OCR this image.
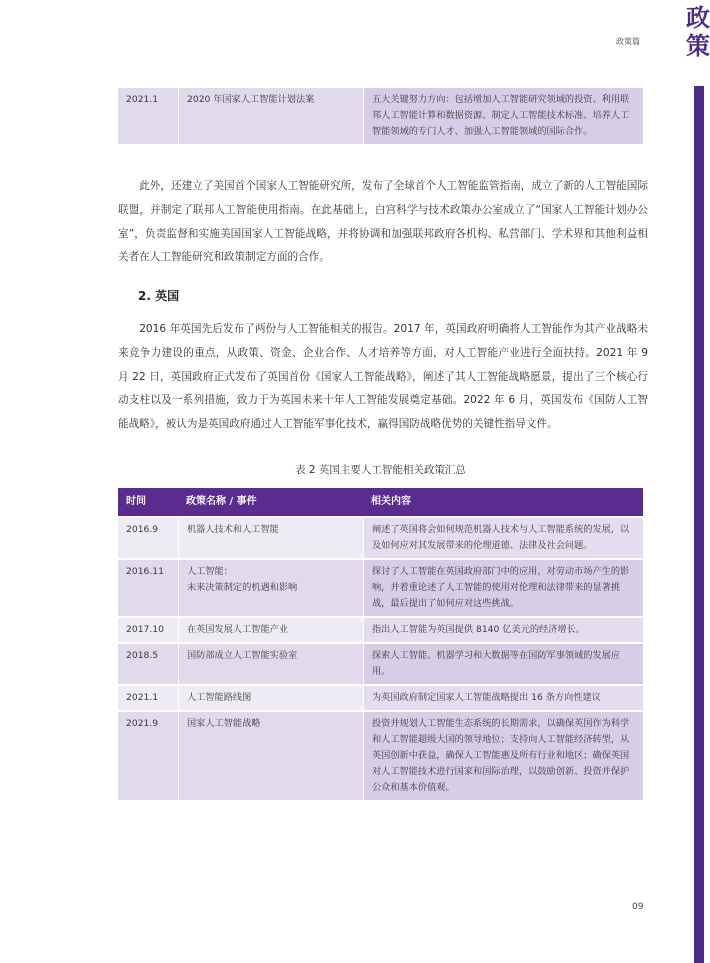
政策篇
政策
2021.1	2020 年国家人工智能计划法案	五大关键努力方向：包括增加人工智能研究领域的投资、利用联邦人工智能计算和数据资源、制定人工智能技术标准、培养人工智能领域的专门人才、加强人工智能领域的国际合作。

此外，还建立了美国首个国家人工智能研究所，发布了全球首个人工智能监管指南，成立了新的人工智能国际联盟，并制定了联邦人工智能使用指南。在此基础上，白宫科学与技术政策办公室成立了“国家人工智能计划办公室”，负责监督和实施美国国家人工智能战略，并将协调和加强联邦政府各机构、私营部门、学术界和其他利益相关者在人工智能研究和政策制定方面的合作。

2. 英国

2016 年英国先后发布了两份与人工智能相关的报告。2017 年，英国政府明确将人工智能作为其产业战略未来竞争力建设的重点，从政策、资金、企业合作、人才培养等方面，对人工智能产业进行全面扶持。2021 年 9 月 22 日，英国政府正式发布了英国首份《国家人工智能战略》，阐述了其人工智能战略愿景，提出了三个核心行动支柱以及一系列措施，致力于为英国未来十年人工智能发展奠定基础。2022 年 6 月，英国发布《国防人工智能战略》，被认为是英国政府通过人工智能军事化技术，赢得国防战略优势的关键性指导文件。

表 2 英国主要人工智能相关政策汇总
时间	政策名称 / 事件	相关内容
2016.9	机器人技术和人工智能	阐述了英国将会如何规范机器人技术与人工智能系统的发展，以及如何应对其发展带来的伦理道德、法律及社会问题。
2016.11	人工智能：
未来决策制定的机遇和影响	探讨了人工智能在英国政府部门中的应用，对劳动市场产生的影响，并着重论述了人工智能的使用对伦理和法律带来的显著挑战，最后提出了如何应对这些挑战。
2017.10	在英国发展人工智能产业	指出人工智能为英国提供 8140 亿美元的经济增长。
2018.5	国防部成立人工智能实验室	探索人工智能、机器学习和大数据等在国防军事领域的发展应用。
2021.1	人工智能路线图	为英国政府制定国家人工智能战略提出 16 条方向性建议
2021.9	国家人工智能战略	投资并规划人工智能生态系统的长期需求，以确保英国作为科学和人工智能超级大国的领导地位；支持向人工智能经济转型，从英国创新中获益，确保人工智能惠及所有行业和地区；确保英国对人工智能技术进行国家和国际治理，以鼓励创新、投资并保护公众和基本价值观。
09
